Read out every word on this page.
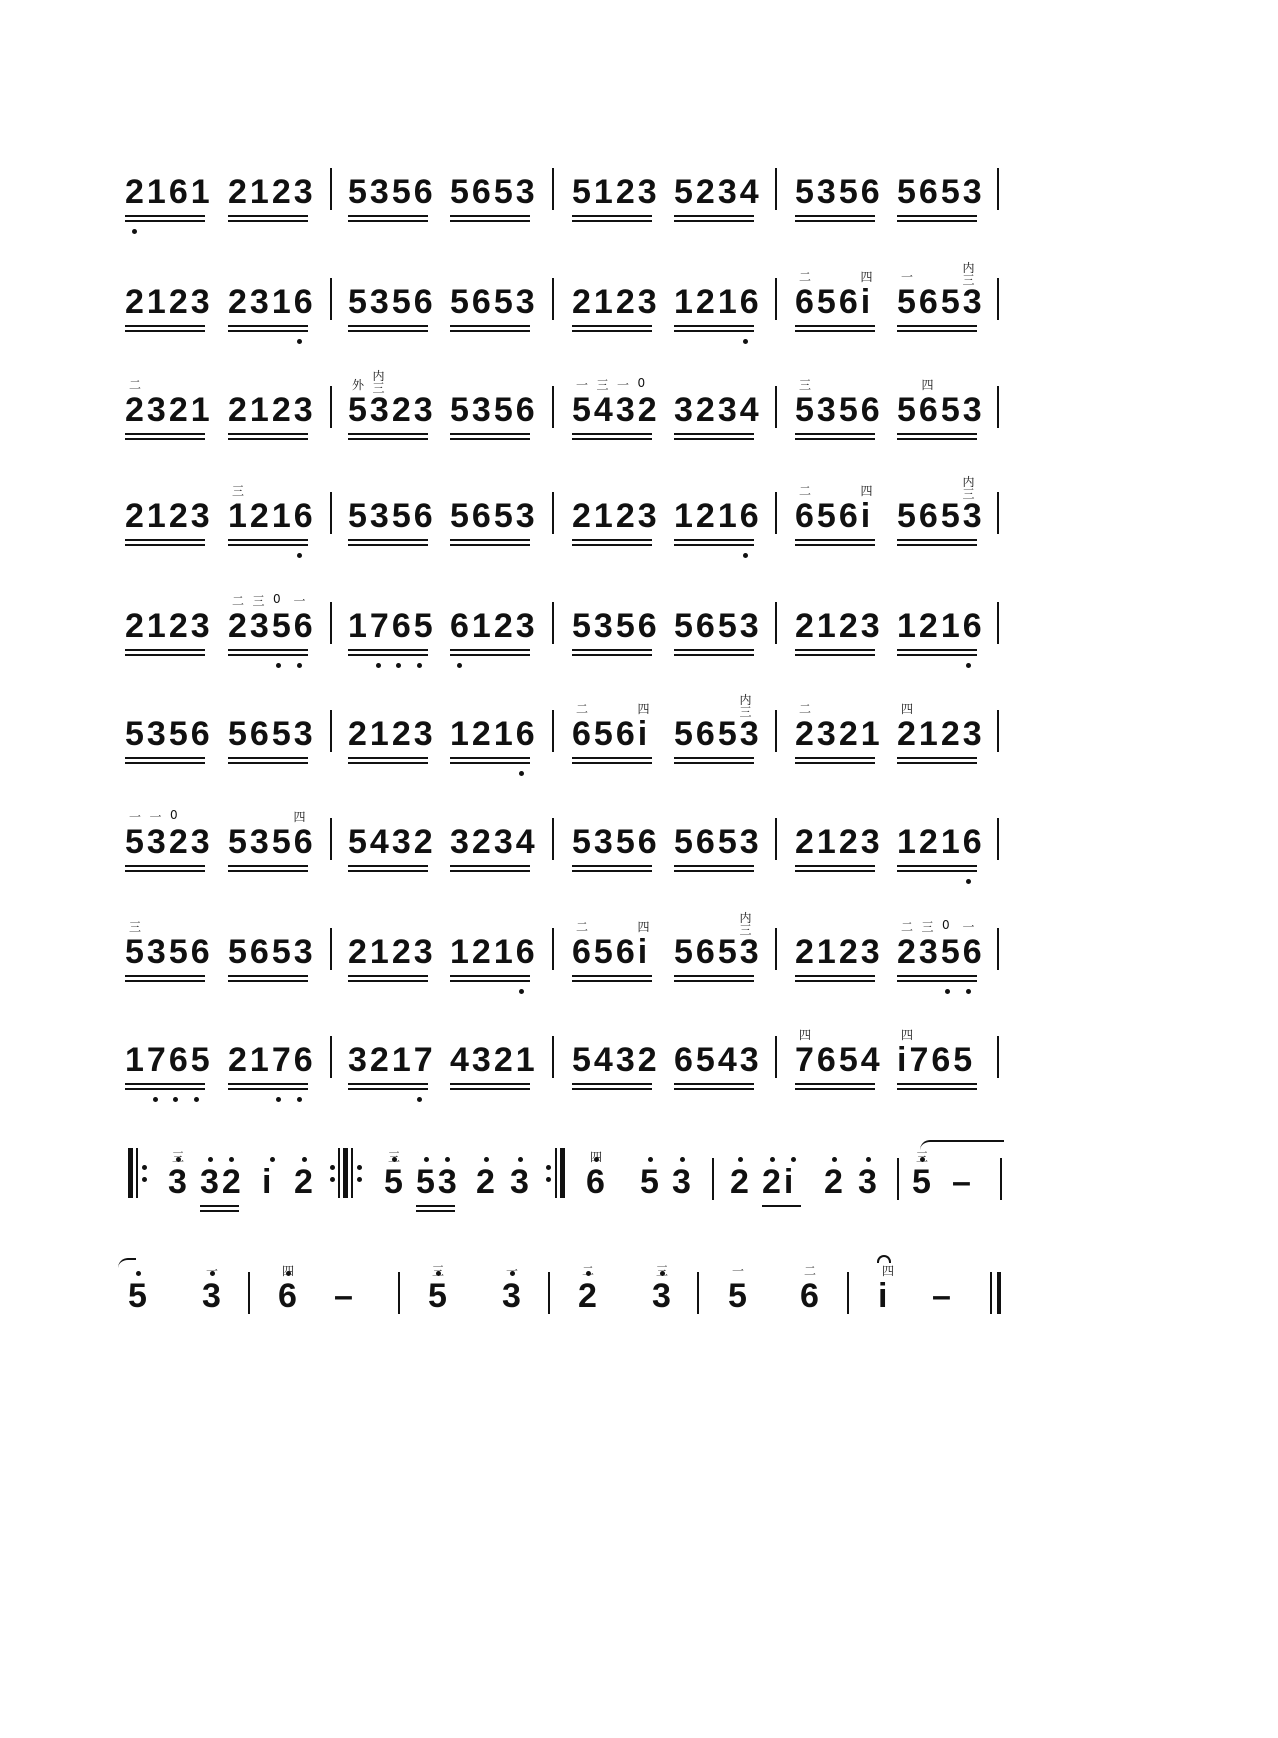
2161 2123 5356 5653 5123 5234 5356 5653
2123 2316 5356 5653 2123 1216 656i
二	四
5653
一
内三
2321
二
2123 5323
外
内三
5356 5432
一 三 一 0
3234 5356
三
5653
四
2123 1216
三
5356 5653 2123 1216 656i
二	四
5653
内三
2123 2356
二 三 0 一
1765 6123 5356 5653 2123 1216
5356 5653 2123 1216 656i
二	四
5653
内三
2321
二
2123
四
5323
一 一 0
5356
四
5432 3234 5356 5653 2123 1216
5356
三
5653 2123 1216 656i
二	四
5653
内三
2123 2356
二 三 0 一
1765 2176 3217 4321 5432 6543 7654
四
i765
四
3
三
32 i 2 5
三
53 2 3 6
四
5 3 2 2i 2 3 5
三
–
5 3
一
6
四
– 5
三
3
一
2
二
3
三
5
一
6
二
i
四
–
